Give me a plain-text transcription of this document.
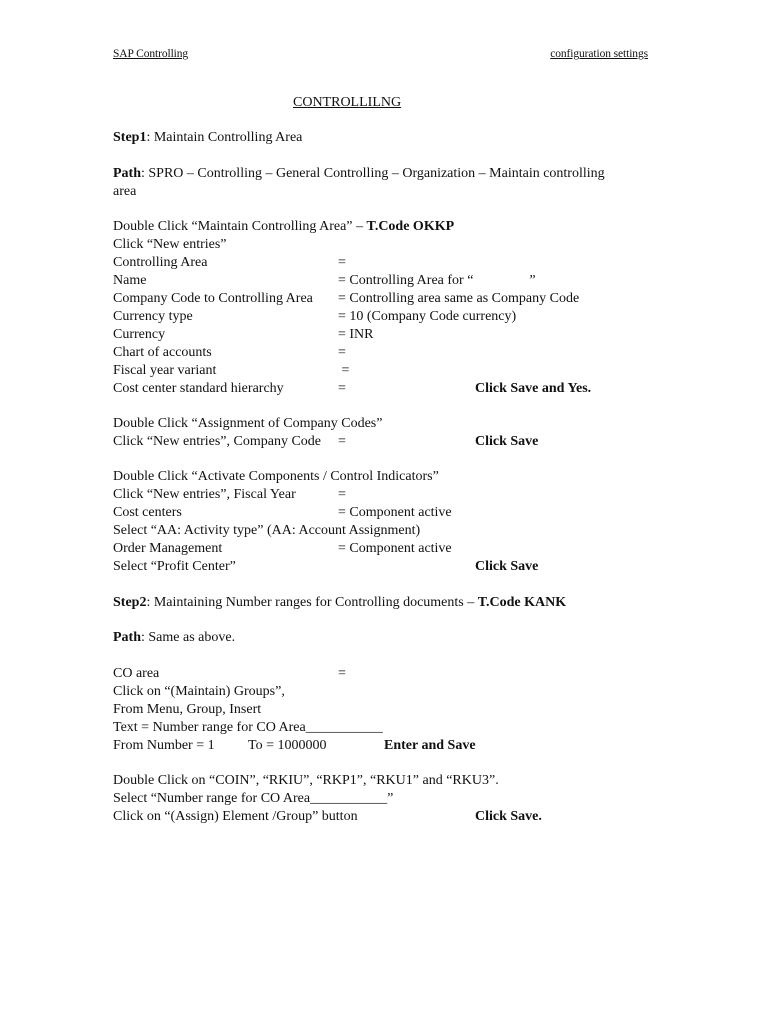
SAP Controlling	configuration settings
CONTROLLILNG
Step1: Maintain Controlling Area
Path: SPRO – Controlling – General Controlling – Organization – Maintain controlling
area
Double Click “Maintain Controlling Area” – T.Code OKKP
Click “New entries”
Controlling Area	=
Name	= Controlling Area for “                ”
Company Code to Controlling Area = Controlling area same as Company Code
Currency type	= 10 (Company Code currency)
Currency	= INR
Chart of accounts	=
Fiscal year variant	=
Cost center standard hierarchy	=	Click Save and Yes.
Double Click “Assignment of Company Codes”
Click “New entries”, Company Code =	Click Save
Double Click “Activate Components / Control Indicators”
Click “New entries”, Fiscal Year	=
Cost centers	= Component active
Select “AA: Activity type” (AA: Account Assignment)
Order Management	= Component active
Select “Profit Center”	Click Save
Step2: Maintaining Number ranges for Controlling documents – T.Code KANK
Path: Same as above.
CO area	=
Click on “(Maintain) Groups”,
From Menu, Group, Insert
Text = Number range for CO Area___________
From Number = 1 To = 1000000	Enter and Save
Double Click on “COIN”, “RKIU”, “RKP1”, “RKU1” and “RKU3”.
Select “Number range for CO Area___________”
Click on “(Assign) Element /Group” button	Click Save.
